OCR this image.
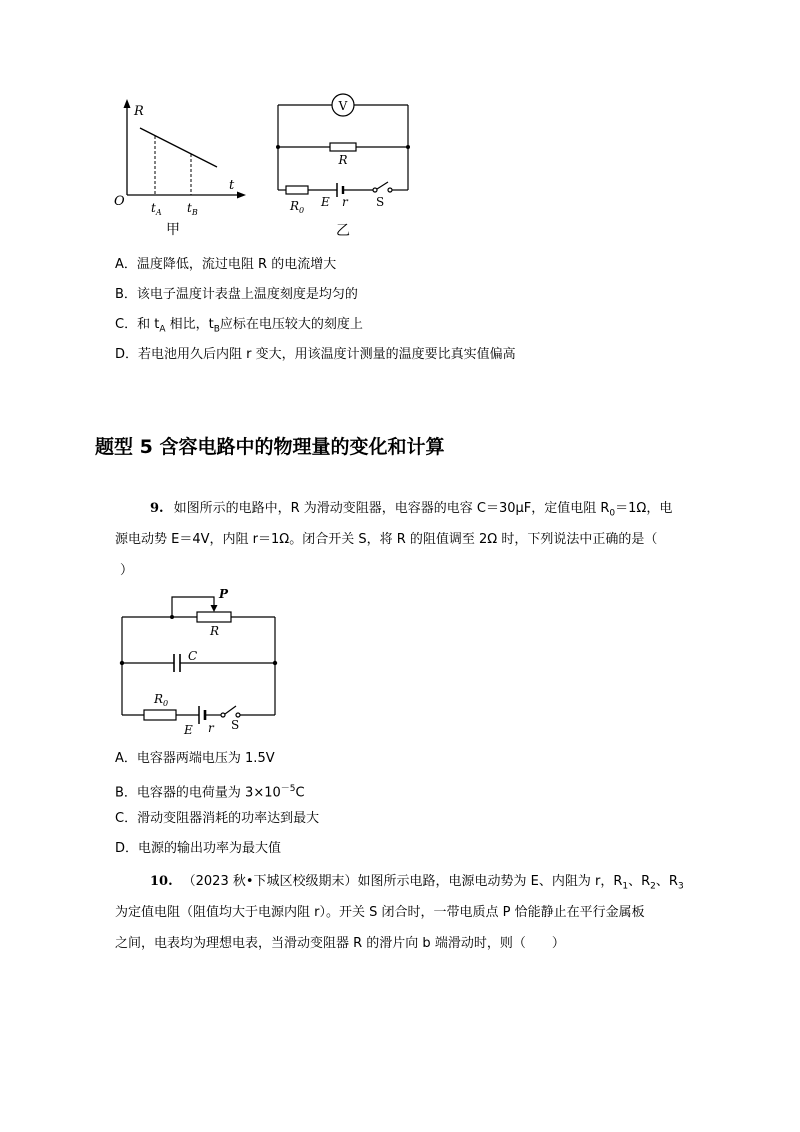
R
t
O $t_A$ $t_B$
甲
V
R
$R_0$
E r S
乙
A．温度降低，流过电阻 R 的电流增大
B．该电子温度计表盘上温度刻度是均匀的
C．和 $t_A$ 相比，$t_B$应标在电压较大的刻度上
D．若电池用久后内阻 r 变大，用该温度计测量的温度要比真实值偏高
题型 5 含容电路中的物理量的变化和计算
9. 如图所示的电路中，R 为滑动变阻器，电容器的电容 C＝30μF，定值电阻 $R_0=1\Omega$，电
源电动势 E＝4V，内阻 r＝1Ω。闭合开关 S，将 R 的阻值调至 2Ω 时，下列说法中正确的是（
）
P
R
C
$R_0$
E r S
A．电容器两端电压为 1.5V
B．电容器的电荷量为 $3\times 10^{-5}C$
C．滑动变阻器消耗的功率达到最大
D．电源的输出功率为最大值
10. （2023 秋•下城区校级期末）如图所示电路，电源电动势为 E、内阻为 r，$R_1$、$R_2$、$R_3$
为定值电阻（阻值均大于电源内阻 r）。开关 S 闭合时，一带电质点 P 恰能静止在平行金属板
之间，电表均为理想电表，当滑动变阻器 R 的滑片向 b 端滑动时，则（　　）
